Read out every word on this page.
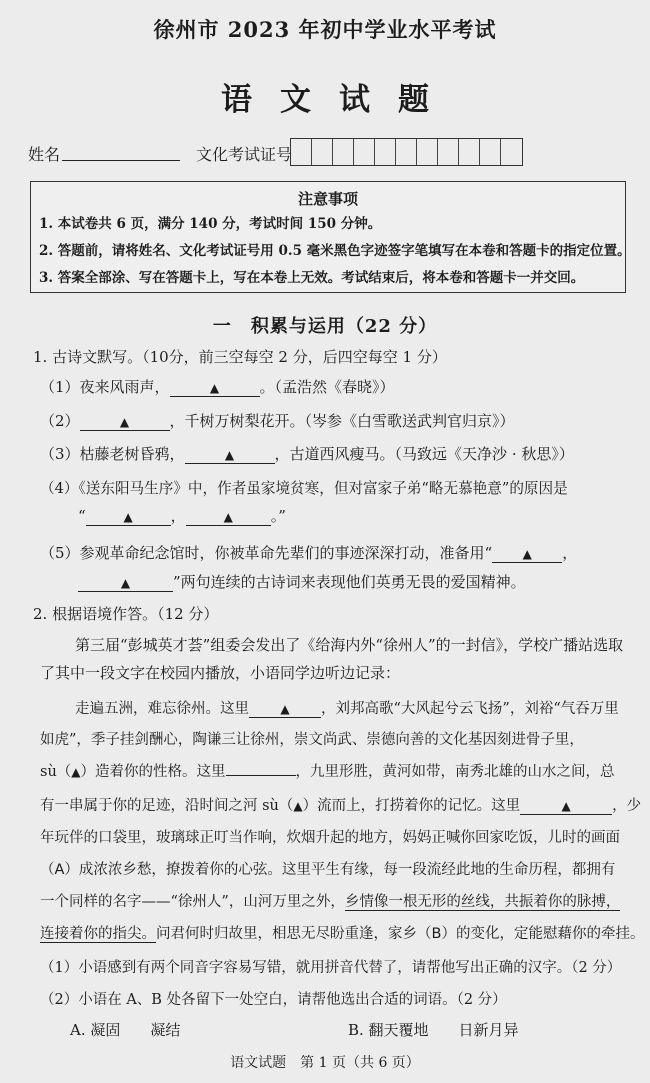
徐州市 2023 年初中学业水平考试
语文试题
姓名	文化考试证号
注意事项
1. 本试卷共 6 页，满分 140 分，考试时间 150 分钟。
2. 答题前，请将姓名、文化考试证号用 0.5 毫米黑色字迹签字笔填写在本卷和答题卡的指定位置。
3. 答案全部涂、写在答题卡上，写在本卷上无效。考试结束后，将本卷和答题卡一并交回。
一　积累与运用（22 分）
1. 古诗文默写。（10分，前三空每空 2 分，后四空每空 1 分）
（1）夜来风雨声，	▲	。（孟浩然《春晓》）
（2）	▲	，千树万树梨花开。（岑参《白雪歌送武判官归京》）
（3）枯藤老树昏鸦，	▲	，古道西风瘦马。（马致远《天净沙 · 秋思》）
（4）《送东阳马生序》中，作者虽家境贫寒，但对富家子弟“略无慕艳意”的原因是
“	▲	，	▲	。”
（5）参观革命纪念馆时，你被革命先辈们的事迹深深打动，准备用“	▲ ，
▲	”两句连续的古诗词来表现他们英勇无畏的爱国精神。
2. 根据语境作答。（12 分）
第三届“彭城英才荟”组委会发出了《给海内外“徐州人”的一封信》，学校广播站选取
了其中一段文字在校园内播放，小语同学边听边记录：
走遍五洲，难忘徐州。这里	▲ ，刘邦高歌“大风起兮云飞扬”，刘裕“气吞万里
如虎”，季子挂剑酬心，陶谦三让徐州，崇文尚武、崇德向善的文化基因刻进骨子里，
sù（▲）造着你的性格。这里	，九里形胜，黄河如带，南秀北雄的山水之间，总
有一串属于你的足迹，沿时间之河 sù（▲）流而上，打捞着你的记忆。这里	▲	，少
年玩伴的口袋里，玻璃球正叮当作响，炊烟升起的地方，妈妈正喊你回家吃饭，儿时的画面
（A）成浓浓乡愁，撩拨着你的心弦。这里平生有缘，每一段流经此地的生命历程，都拥有
一个同样的名字——“徐州人”，山河万里之外，乡情像一根无形的丝线，共振着你的脉搏，
连接着你的指尖。问君何时归故里，相思无尽盼重逢，家乡（B）的变化，定能慰藉你的牵挂。
（1）小语感到有两个同音字容易写错，就用拼音代替了，请帮他写出正确的汉字。（2 分）
（2）小语在 A、B 处各留下一处空白，请帮他选出合适的词语。（2 分）
A. 凝固　　凝结	B. 翻天覆地　　日新月异
语文试题　第 1 页（共 6 页）
